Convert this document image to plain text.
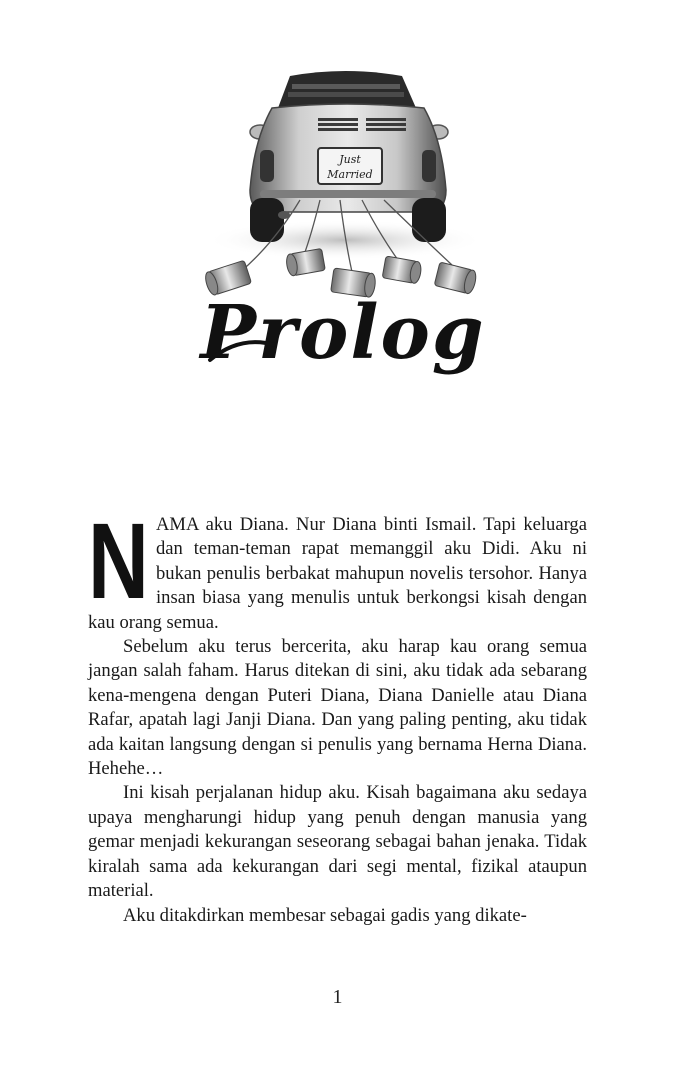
Just
Married
Prolog

NAMA aku Diana. Nur Diana binti Ismail. Tapi keluarga dan teman-teman rapat memanggil aku Didi. Aku ni bukan penulis berbakat mahupun novelis tersohor. Hanya insan biasa yang menulis untuk berkongsi kisah dengan kau orang semua.

Sebelum aku terus bercerita, aku harap kau orang semua jangan salah faham. Harus ditekan di sini, aku tidak ada sebarang kena-mengena dengan Puteri Diana, Diana Danielle atau Diana Rafar, apatah lagi Janji Diana. Dan yang paling penting, aku tidak ada kaitan langsung dengan si penulis yang bernama Herna Diana. Hehehe…

Ini kisah perjalanan hidup aku. Kisah bagaimana aku sedaya upaya mengharungi hidup yang penuh dengan manusia yang gemar menjadi kekurangan seseorang sebagai bahan jenaka. Tidak kiralah sama ada kekurangan dari segi mental, fizikal ataupun material.

Aku ditakdirkan membesar sebagai gadis yang dikate-

1
